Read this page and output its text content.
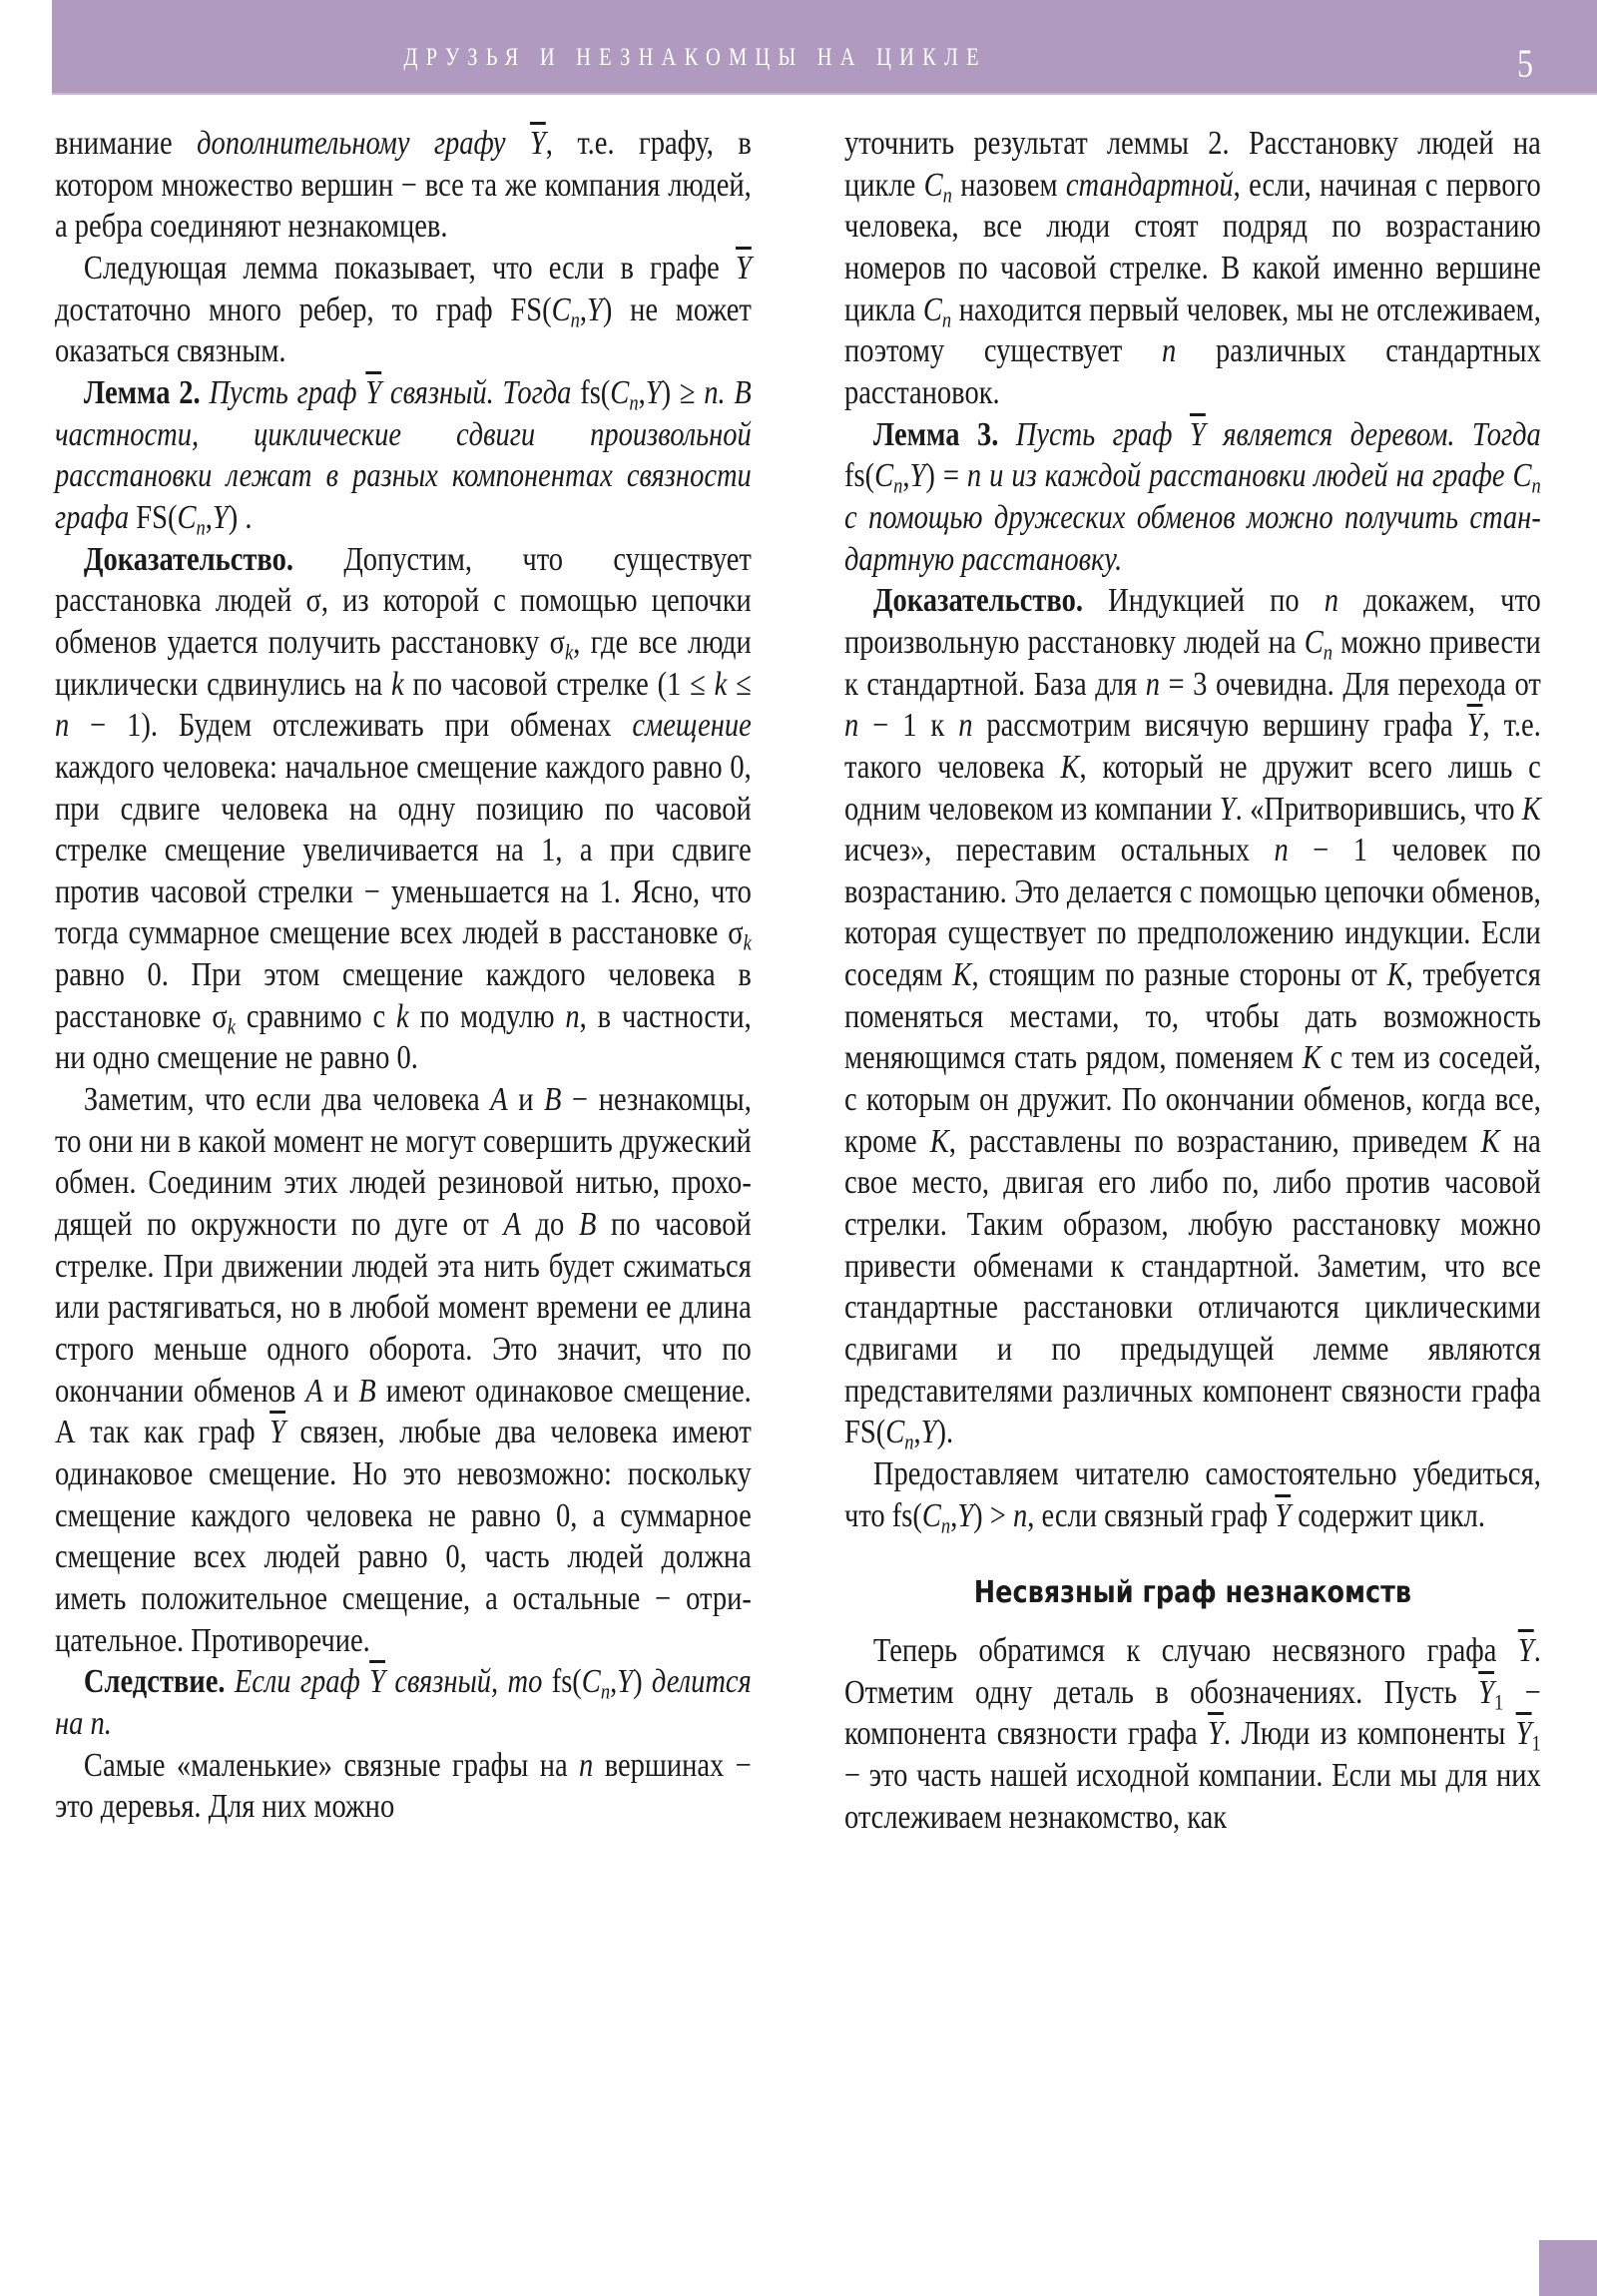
ДРУЗЬЯ И НЕЗНАКОМЦЫ НА ЦИКЛЕ	5

внимание дополнительному графу $\overline{Y}$, т.е. графу, в котором множество вершин − все та же компания людей, а ребра соединяют незнакомцев.

Следующая лемма показывает, что если в графе $\overline{Y}$ достаточно много ребер, то граф $FS(C_n,Y)$ не может оказаться связным.

Лемма 2. Пусть граф $\overline{Y}$ связный. Тогда $fs(C_n,Y) \ge n$. В частности, циклические сдвиги произвольной расстановки лежат в разных компонентах связности графа $FS(C_n,Y)$ .

Доказательство. Допустим, что существует расстановка людей σ, из которой с помощью цепочки обменов удается получить расстановку $\sigma_k$, где все люди циклически сдвинулись на k по часовой стрелке (1 ≤ k ≤ n − 1). Будем отслеживать при обменах смещение каждого человека: начальное смещение каждого равно 0, при сдвиге человека на одну позицию по часовой стрелке смещение увеличивается на 1, а при сдвиге против часовой стрелки − уменьшается на 1. Ясно, что тогда суммарное смещение всех людей в расстановке $\sigma_k$ равно 0. При этом смещение каждого человека в расстановке $\sigma_k$ сравнимо с k по модулю n, в частности, ни одно смещение не равно 0.

Заметим, что если два человека A и B − незнакомцы, то они ни в какой момент не могут совершить дружеский обмен. Соединим этих людей резиновой нитью, проходящей по окружности по дуге от A до B по часовой стрелке. При движении людей эта нить будет сжиматься или растягиваться, но в любой момент времени ее длина строго меньше одного оборота. Это значит, что по окончании обменов A и B имеют одинаковое смещение. А так как граф $\overline{Y}$ связен, любые два человека имеют одинаковое смещение. Но это невозможно: поскольку смещение каждого человека не равно 0, а суммарное смещение всех людей равно 0, часть людей должна иметь положительное смещение, а остальные − отрицательное. Противоречие.

Следствие. Если граф $\overline{Y}$ связный, то $fs(C_n,Y)$ делится на n.

Самые «маленькие» связные графы на n вершинах − это деревья. Для них можно

уточнить результат леммы 2. Расстановку людей на цикле $C_n$ назовем стандартной, если, начиная с первого человека, все люди стоят подряд по возрастанию номеров по часовой стрелке. В какой именно вершине цикла $C_n$ находится первый человек, мы не отслеживаем, поэтому существует n различных стандартных расстановок.

Лемма 3. Пусть граф $\overline{Y}$ является деревом. Тогда $fs(C_n,Y) = n$ и из каждой расстановки людей на графе $C_n$ с помощью дружеских обменов можно получить стандартную расстановку.

Доказательство. Индукцией по n докажем, что произвольную расстановку людей на $C_n$ можно привести к стандартной. База для n = 3 очевидна. Для перехода от n − 1 к n рассмотрим висячую вершину графа $\overline{Y}$, т.е. такого человека K, который не дружит всего лишь с одним человеком из компании Y. «Притворившись, что K исчез», переставим остальных n − 1 человек по возрастанию. Это делается с помощью цепочки обменов, которая существует по предположению индукции. Если соседям K, стоящим по разные стороны от K, требуется поменяться местами, то, чтобы дать возможность меняющимся стать рядом, поменяем K с тем из соседей, с которым он дружит. По окончании обменов, когда все, кроме K, расставлены по возрастанию, приведем K на свое место, двигая его либо по, либо против часовой стрелки. Таким образом, любую расстановку можно привести обменами к стандартной. Заметим, что все стандартные расстановки отличаются циклическими сдвигами и по предыдущей лемме являются представителями различных компонент связности графа $FS(C_n,Y)$.

Предоставляем читателю самостоятельно убедиться, что $fs(C_n,Y) > n$, если связный граф $\overline{Y}$ содержит цикл.

Несвязный граф незнакомств

Теперь обратимся к случаю несвязного графа $\overline{Y}$. Отметим одну деталь в обозначениях. Пусть $\overline{Y}1$ − компонента связности графа $\overline{Y}$. Люди из компоненты $\overline{Y}1$ − это часть нашей исходной компании. Если мы для них отслеживаем незнакомство, как
